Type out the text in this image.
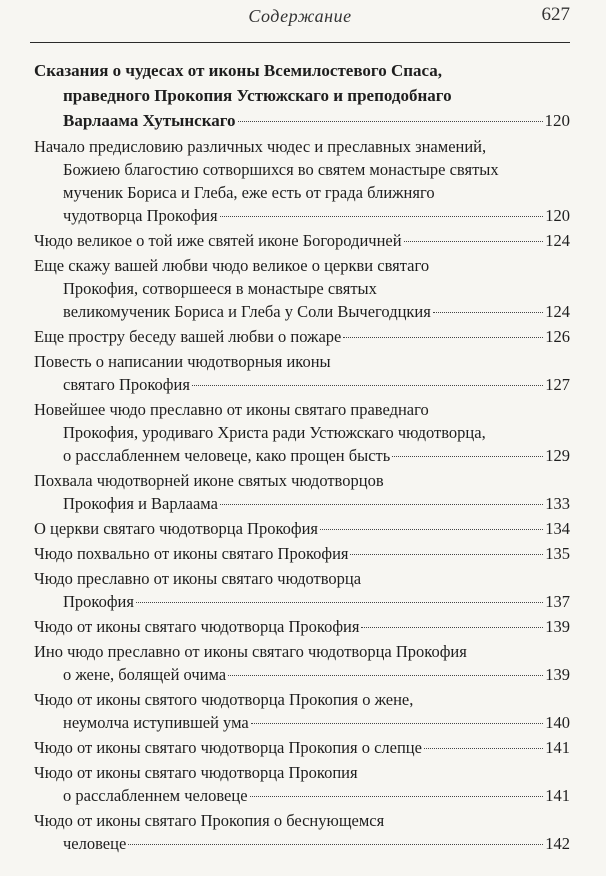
Содержание	627
Сказания о чудесах от иконы Всемилостевого Спаса,
праведного Прокопия Устюжскаго и преподобнаго
Варлаама Хутынскаго	120
Начало предисловию различных чюдес и преславных знамений,
Божиею благостию сотворшихся во святем монастыре святых
мученик Бориса и Глеба, еже есть от града ближняго
чудотворца Прокофия	120
Чюдо великое о той иже святей иконе Богородичней	124
Еще скажу вашей любви чюдо великое о церкви святаго
Прокофия, сотворшееся в монастыре святых
великомученик Бориса и Глеба у Соли Вычегодцкия	124
Еще простру беседу вашей любви о пожаре	126
Повесть о написании чюдотворныя иконы
святаго Прокофия	127
Новейшее чюдо преславно от иконы святаго праведнаго
Прокофия, уродиваго Христа ради Устюжскаго чюдотворца,
о расслабленнем человеце, како прощен бысть	129
Похвала чюдотворней иконе святых чюдотворцов
Прокофия и Варлаама	133
О церкви святаго чюдотворца Прокофия	134
Чюдо похвально от иконы святаго Прокофия	135
Чюдо преславно от иконы святаго чюдотворца
Прокофия	137
Чюдо от иконы святаго чюдотворца Прокофия	139
Ино чюдо преславно от иконы святаго чюдотворца Прокофия
о жене, болящей очима	139
Чюдо от иконы святого чюдотворца Прокопия о жене,
неумолча иступившей ума	140
Чюдо от иконы святаго чюдотворца Прокопия о слепце	141
Чюдо от иконы святаго чюдотворца Прокопия
о расслабленнем человеце	141
Чюдо от иконы святаго Прокопия о беснующемся
человеце	142
